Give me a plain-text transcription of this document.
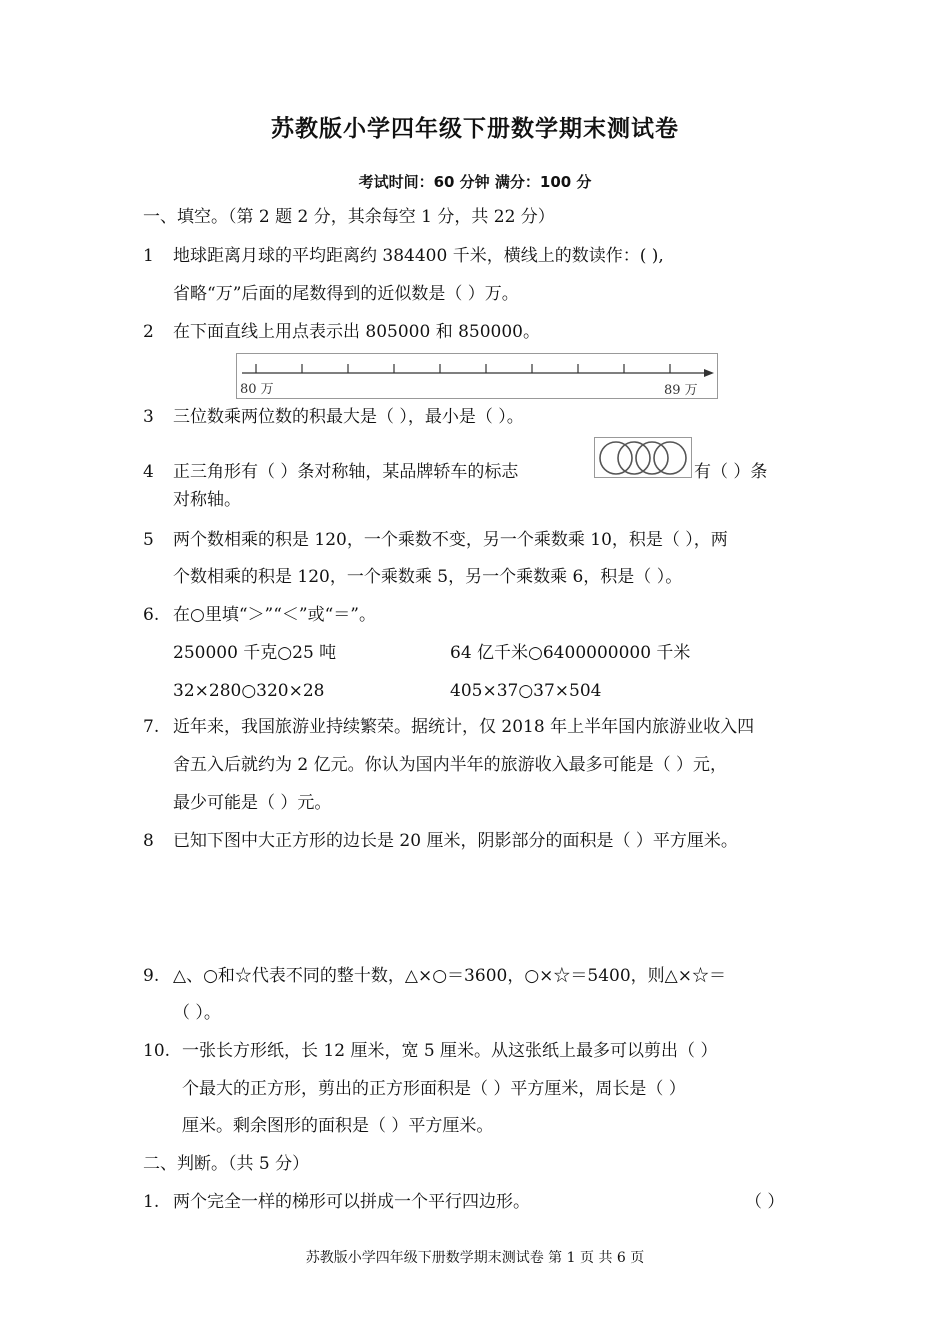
苏教版小学四年级下册数学期末测试卷
考试时间：60 分钟 满分：100 分
一、填空。（第 2 题 2 分，其余每空 1 分，共 22 分）
1 地球距离月球的平均距离约 384400 千米，横线上的数读作：( ),
省略“万”后面的尾数得到的近似数是（ ）万。
2 在下面直线上用点表示出 805000 和 850000。
80 万	89 万
3 三位数乘两位数的积最大是（ ），最小是（ ）。
4 正三角形有（ ）条对称轴，某品牌轿车的标志	有（ ）条
对称轴。
5 两个数相乘的积是 120，一个乘数不变，另一个乘数乘 10，积是（ ），两
个数相乘的积是 120，一个乘数乘 5，另一个乘数乘 6，积是（ ）。
6. 在○里填“＞”“＜”或“＝”。
250000 千克○25 吨	64 亿千米○6400000000 千米
32×280○320×28	405×37○37×504
7. 近年来，我国旅游业持续繁荣。据统计，仅 2018 年上半年国内旅游业收入四
舍五入后就约为 2 亿元。你认为国内半年的旅游收入最多可能是（ ）元，
最少可能是（ ）元。
8 已知下图中大正方形的边长是 20 厘米，阴影部分的面积是（ ）平方厘米。
9. △、○和☆代表不同的整十数，△×○＝3600，○×☆＝5400，则△×☆＝
（ ）。
10. 一张长方形纸，长 12 厘米，宽 5 厘米。从这张纸上最多可以剪出（ ）
个最大的正方形，剪出的正方形面积是（ ）平方厘米，周长是（ ）
厘米。剩余图形的面积是（ ）平方厘米。
二、判断。（共 5 分）
1. 两个完全一样的梯形可以拼成一个平行四边形。	（ ）
苏教版小学四年级下册数学期末测试卷 第 1 页 共 6 页
